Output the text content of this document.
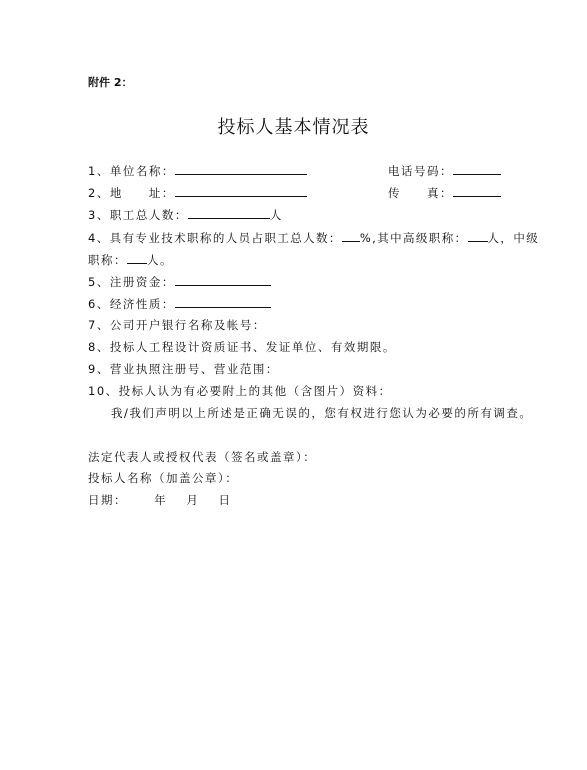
附件 2：
投标人基本情况表
1、单位名称：	电话号码：
2、地　　址：	传　　真：
3、职工总人数：	人
4、具有专业技术职称的人员占职工总人数： %,其中高级职称： 人，中级
职称： 人。
5、注册资金：
6、经济性质：
7、公司开户银行名称及帐号：
8、投标人工程设计资质证书、发证单位、有效期限。
9、营业执照注册号、营业范围：
10、投标人认为有必要附上的其他（含图片）资料：
我/我们声明以上所述是正确无误的，您有权进行您认为必要的所有调查。
法定代表人或授权代表（签名或盖章）：
投标人名称（加盖公章）：
日期： 年 月 日
